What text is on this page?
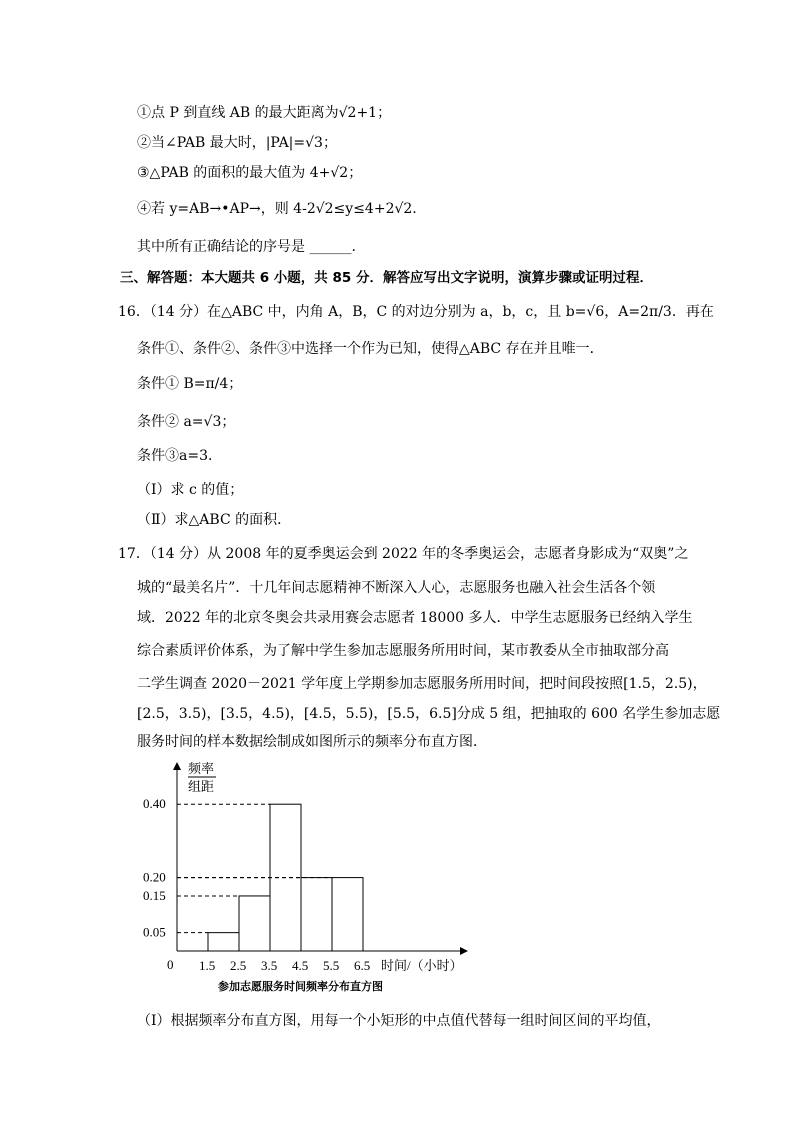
①点 P 到直线 AB 的最大距离为√2+1；
②当∠PAB 最大时，|PA|=√3；
③△PAB 的面积的最大值为 4+√2；
④若 y=AB→•AP→，则 4-2√2≤y≤4+2√2.
其中所有正确结论的序号是 ______.
三、解答题：本大题共 6 小题，共 85 分．解答应写出文字说明，演算步骤或证明过程．
16．（14 分）在△ABC 中，内角 A，B，C 的对边分别为 a，b，c，且 b=√6，A=2π/3．再在
条件①、条件②、条件③中选择一个作为已知，使得△ABC 存在并且唯一．
条件① B=π/4；
条件② a=√3；
条件③a=3．
（Ⅰ）求 c 的值；
（Ⅱ）求△ABC 的面积．
17．（14 分）从 2008 年的夏季奥运会到 2022 年的冬季奥运会，志愿者身影成为“双奥”之
城的“最美名片”．十几年间志愿精神不断深入人心，志愿服务也融入社会生活各个领
域．2022 年的北京冬奥会共录用赛会志愿者 18000 多人．中学生志愿服务已经纳入学生
综合素质评价体系，为了解中学生参加志愿服务所用时间，某市教委从全市抽取部分高
二学生调查 2020－2021 学年度上学期参加志愿服务所用时间，把时间段按照[1.5，2.5)，
[2.5，3.5)，[3.5，4.5)，[4.5，5.5)，[5.5，6.5]分成 5 组，把抽取的 600 名学生参加志愿
服务时间的样本数据绘制成如图所示的频率分布直方图．
0.05
0.15
0.20
0.40
1.5 2.5 3.5 4.5 5.5 6.5
频率
组距
0	时间/（小时）
参加志愿服务时间频率分布直方图
（Ⅰ）根据频率分布直方图，用每一个小矩形的中点值代替每一组时间区间的平均值，
